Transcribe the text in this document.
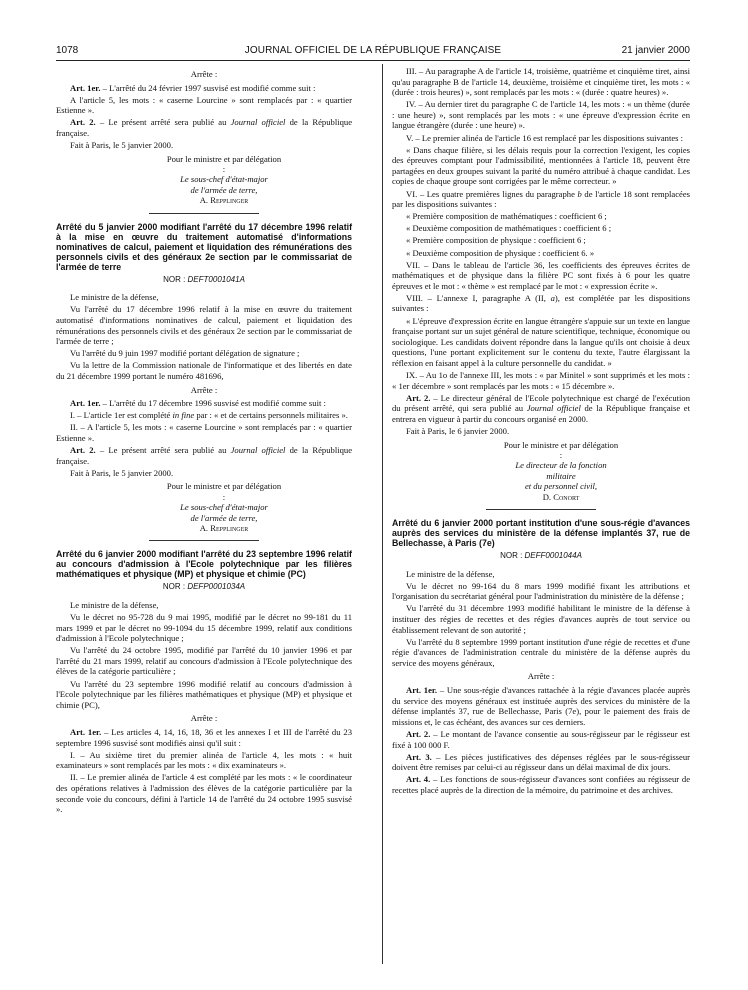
1078	JOURNAL OFFICIEL DE LA RÉPUBLIQUE FRANÇAISE	21 janvier 2000

Arrête :

Art. 1er. – L'arrêté du 24 février 1997 susvisé est modifié comme suit :

A l'article 5, les mots : « caserne Lourcine » sont remplacés par : « quartier Estienne ».

Art. 2. – Le présent arrêté sera publié au Journal officiel de la République française.

Fait à Paris, le 5 janvier 2000.

Pour le ministre et par délégation :
Le sous-chef d'état-major
de l'armée de terre,
A. Repplinger

Arrêté du 5 janvier 2000 modifiant l'arrêté du 17 décembre 1996 relatif à la mise en œuvre du traitement automatisé d'informations nominatives de calcul, paiement et liquidation des rémunérations des personnels civils et des généraux 2e section par le commissariat de l'armée de terre

NOR : DEFT0001041A

Le ministre de la défense,

Vu l'arrêté du 17 décembre 1996 relatif à la mise en œuvre du traitement automatisé d'informations nominatives de calcul, paiement et liquidation des rémunérations des personnels civils et des généraux 2e section par le commissariat de l'armée de terre ;

Vu l'arrêté du 9 juin 1997 modifié portant délégation de signature ;

Vu la lettre de la Commission nationale de l'informatique et des libertés en date du 21 décembre 1999 portant le numéro 481696,

Arrête :

Art. 1er. – L'arrêté du 17 décembre 1996 susvisé est modifié comme suit :

I. – L'article 1er est complété in fine par : « et de certains personnels militaires ».

II. – A l'article 5, les mots : « caserne Lourcine » sont remplacés par : « quartier Estienne ».

Art. 2. – Le présent arrêté sera publié au Journal officiel de la République française.

Fait à Paris, le 5 janvier 2000.

Pour le ministre et par délégation :
Le sous-chef d'état-major
de l'armée de terre,
A. Repplinger

Arrêté du 6 janvier 2000 modifiant l'arrêté du 23 septembre 1996 relatif au concours d'admission à l'Ecole polytechnique par les filières mathématiques et physique (MP) et physique et chimie (PC)

NOR : DEFP0001034A

Le ministre de la défense,

Vu le décret no 95-728 du 9 mai 1995, modifié par le décret no 99-181 du 11 mars 1999 et par le décret no 99-1094 du 15 décembre 1999, relatif aux conditions d'admission à l'Ecole polytechnique ;

Vu l'arrêté du 24 octobre 1995, modifié par l'arrêté du 10 janvier 1996 et par l'arrêté du 21 mars 1999, relatif au concours d'admission à l'Ecole polytechnique des élèves de la catégorie particulière ;

Vu l'arrêté du 23 septembre 1996 modifié relatif au concours d'admission à l'Ecole polytechnique par les filières mathématiques et physique (MP) et physique et chimie (PC),

Arrête :

Art. 1er. – Les articles 4, 14, 16, 18, 36 et les annexes I et III de l'arrêté du 23 septembre 1996 susvisé sont modifiés ainsi qu'il suit :

I. – Au sixième tiret du premier alinéa de l'article 4, les mots : « huit examinateurs » sont remplacés par les mots : « dix examinateurs ».

II. – Le premier alinéa de l'article 4 est complété par les mots : « le coordinateur des opérations relatives à l'admission des élèves de la catégorie particulière par la seconde voie du concours, défini à l'article 14 de l'arrêté du 24 octobre 1995 susvisé ».

III. – Au paragraphe A de l'article 14, troisième, quatrième et cinquième tiret, ainsi qu'au paragraphe B de l'article 14, deuxième, troisième et cinquième tiret, les mots : « (durée : trois heures) », sont remplacés par les mots : « (durée : quatre heures) ».

IV. – Au dernier tiret du paragraphe C de l'article 14, les mots : « un thème (durée : une heure) », sont remplacés par les mots : « une épreuve d'expression écrite en langue étrangère (durée : une heure) ».

V. – Le premier alinéa de l'article 16 est remplacé par les dispositions suivantes :

« Dans chaque filière, si les délais requis pour la correction l'exigent, les copies des épreuves comptant pour l'admissibilité, mentionnées à l'article 18, peuvent être partagées en deux groupes suivant la parité du numéro attribué à chaque candidat. Les copies de chaque groupe sont corrigées par le même correcteur. »

VI. – Les quatre premières lignes du paragraphe b de l'article 18 sont remplacées par les dispositions suivantes :

« Première composition de mathématiques : coefficient 6 ;

« Deuxième composition de mathématiques : coefficient 6 ;

« Première composition de physique : coefficient 6 ;

« Deuxième composition de physique : coefficient 6. »

VII. – Dans le tableau de l'article 36, les coefficients des épreuves écrites de mathématiques et de physique dans la filière PC sont fixés à 6 pour les quatre épreuves et le mot : « thème » est remplacé par le mot : « expression écrite ».

VIII. – L'annexe I, paragraphe A (II, a), est complétée par les dispositions suivantes :

« L'épreuve d'expression écrite en langue étrangère s'appuie sur un texte en langue française portant sur un sujet général de nature scientifique, technique, économique ou sociologique. Les candidats doivent répondre dans la langue qu'ils ont choisie à deux questions, l'une portant explicitement sur le contenu du texte, l'autre élargissant la réflexion en faisant appel à la culture personnelle du candidat. »

IX. – Au 1o de l'annexe III, les mots : « par Minitel » sont supprimés et les mots : « 1er décembre » sont remplacés par les mots : « 15 décembre ».

Art. 2. – Le directeur général de l'Ecole polytechnique est chargé de l'exécution du présent arrêté, qui sera publié au Journal officiel de la République française et entrera en vigueur à partir du concours organisé en 2000.

Fait à Paris, le 6 janvier 2000.

Pour le ministre et par délégation :
Le directeur de la fonction militaire
et du personnel civil,
D. Conort

Arrêté du 6 janvier 2000 portant institution d'une sous-régie d'avances auprès des services du ministère de la défense implantés 37, rue de Bellechasse, à Paris (7e)

NOR : DEFF0001044A

Le ministre de la défense,

Vu le décret no 99-164 du 8 mars 1999 modifié fixant les attributions et l'organisation du secrétariat général pour l'administration du ministère de la défense ;

Vu l'arrêté du 31 décembre 1993 modifié habilitant le ministre de la défense à instituer des régies de recettes et des régies d'avances auprès de tout service ou établissement relevant de son autorité ;

Vu l'arrêté du 8 septembre 1999 portant institution d'une régie de recettes et d'une régie d'avances de l'administration centrale du ministère de la défense auprès du service des moyens généraux,

Arrête :

Art. 1er. – Une sous-régie d'avances rattachée à la régie d'avances placée auprès du service des moyens généraux est instituée auprès des services du ministère de la défense implantés 37, rue de Bellechasse, Paris (7e), pour le paiement des frais de missions et, le cas échéant, des avances sur ces derniers.

Art. 2. – Le montant de l'avance consentie au sous-régisseur par le régisseur est fixé à 100 000 F.

Art. 3. – Les pièces justificatives des dépenses réglées par le sous-régisseur doivent être remises par celui-ci au régisseur dans un délai maximal de dix jours.

Art. 4. – Les fonctions de sous-régisseur d'avances sont confiées au régisseur de recettes placé auprès de la direction de la mémoire, du patrimoine et des archives.
